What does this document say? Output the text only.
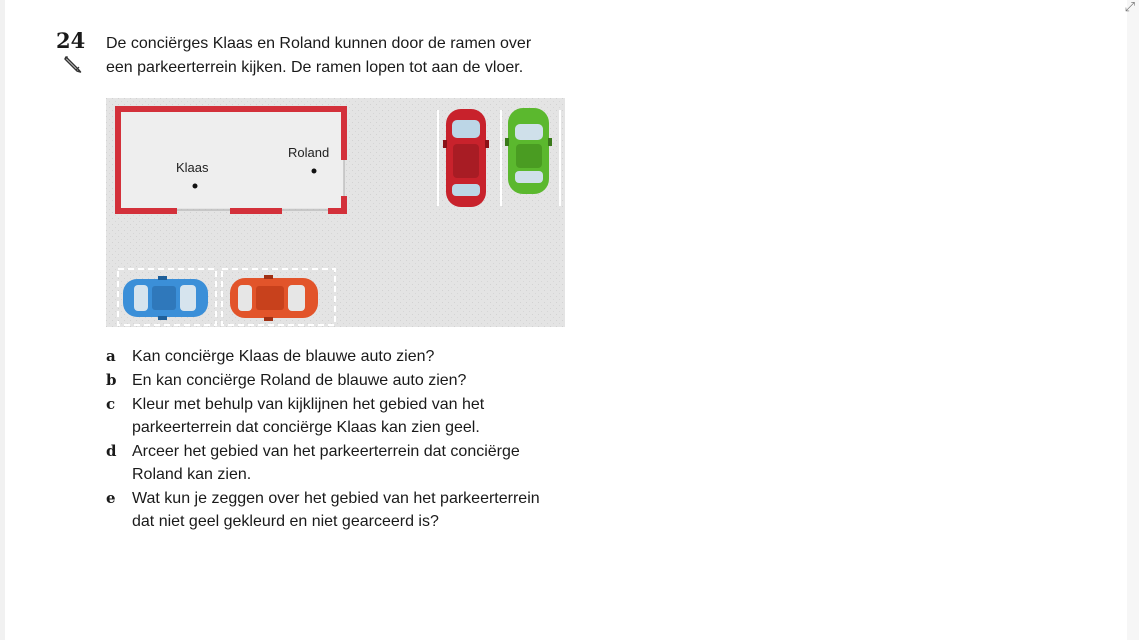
⤢
24 De conciërges Klaas en Roland kunnen door de ramen over
een parkeerterrein kijken. De ramen lopen tot aan de vloer.
Klaas
Roland
a	Kan conciërge Klaas de blauwe auto zien?
b En kan conciërge Roland de blauwe auto zien?
c	Kleur met behulp van kijklijnen het gebied van het
parkeerterrein dat conciërge Klaas kan zien geel.
d Arceer het gebied van het parkeerterrein dat conciërge
Roland kan zien.
e	Wat kun je zeggen over het gebied van het parkeerterrein
dat niet geel gekleurd en niet gearceerd is?
